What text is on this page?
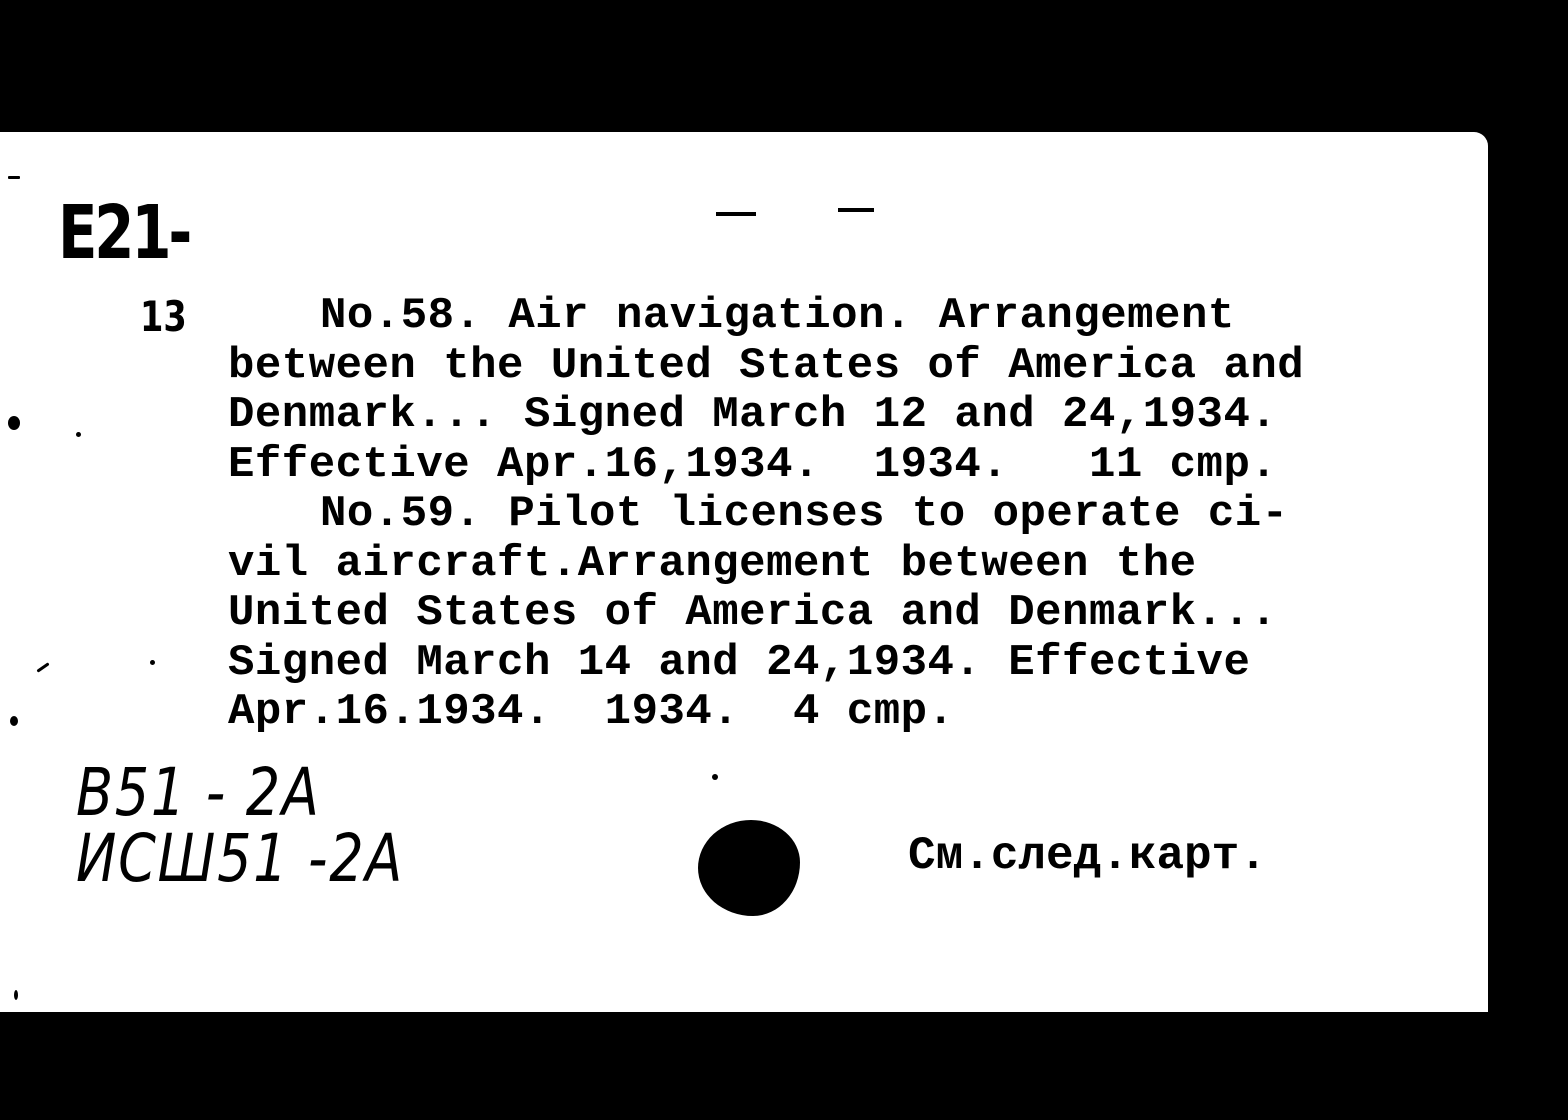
E21-
13	No.58. Air navigation. Arrangement
between the United States of America and
Denmark... Signed March 12 and 24,1934.
Effective Apr.16,1934.  1934.   11 cmp.
No.59. Pilot licenses to operate ci-
vil aircraft.Arrangement between the
United States of America and Denmark...
Signed March 14 and 24,1934. Effective
Apr.16.1934.  1934.  4 cmp.
B51 - 2A
ИСШ51 -2A	См.след.карт.
